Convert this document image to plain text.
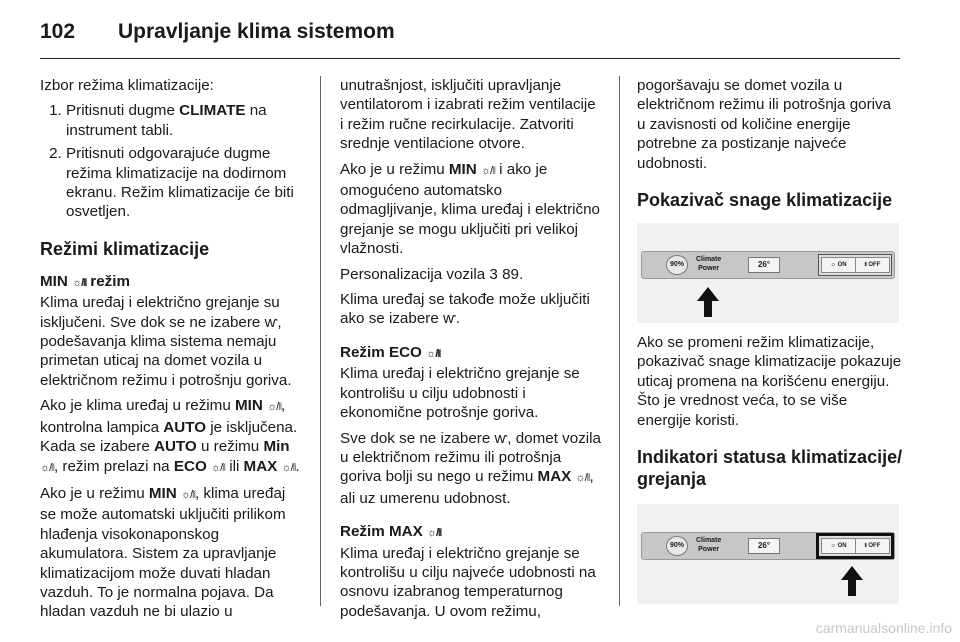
102 Upravljanje klima sistemom

Izbor režima klimatizacije:

1. Pritisnuti dugme CLIMATE na instrument tabli.
2. Pritisnuti odgovarajuće dugme režima klimatizacije na dodirnom ekranu. Režim klimatizacije će biti osvetljen.
Režimi klimatizacije
MIN ☼/⧛ režim

Klima uređaj i električno grejanje su isključeni. Sve dok se ne izabere ⱳ, podešavanja klima sistema nemaju primetan uticaj na domet vozila u električnom režimu i potrošnju goriva.

Ako je klima uređaj u režimu MIN ☼/⧛, kontrolna lampica AUTO je isključena. Kada se izabere AUTO u režimu Min ☼/⧛, režim prelazi na ECO ☼/⧛ ili MAX ☼/⧛.

Ako je u režimu MIN ☼/⧛, klima uređaj se može automatski uključiti prilikom hlađenja visokonaponskog akumulatora. Sistem za upravljanje klimatizacijom može duvati hladan vazduh. To je normalna pojava. Da hladan vazduh ne bi ulazio u

unutrašnjost, isključiti upravljanje ventilatorom i izabrati režim ventilacije i režim ručne recirkulacije. Zatvoriti srednje ventilacione otvore.

Ako je u režimu MIN ☼/⧛ i ako je omogućeno automatsko odmagljivanje, klima uređaj i električno grejanje se mogu uključiti pri velikoj vlažnosti.

Personalizacija vozila 3 89.

Klima uređaj se takođe može uključiti ako se izabere ⱳ.

Režim ECO ☼/⧛

Klima uređaj i električno grejanje se kontrolišu u cilju udobnosti i ekonomične potrošnje goriva.

Sve dok se ne izabere ⱳ, domet vozila u električnom režimu ili potrošnja goriva bolji su nego u režimu MAX ☼/⧛, ali uz umerenu udobnost.

Režim MAX ☼/⧛

Klima uređaj i električno grejanje se kontrolišu u cilju najveće udobnosti na osnovu izabranog temperaturnog podešavanja. U ovom režimu,

pogoršavaju se domet vozila u električnom režimu ili potrošnja goriva u zavisnosti od količine energije potrebne za postizanje najveće udobnosti.

Pokazivač snage klimatizacije
90%
Climate
Power	26°	☼ ON	⧛ OFF

Ako se promeni režim klimatizacije, pokazivač snage klimatizacije pokazuje uticaj promena na korišćenu energiju. Što je vrednost veća, to se više energije koristi.

Indikatori statusa klimatizacije/ grejanja
90%
Climate
Power	26°	☼ ON	⧛ OFF
carmanualsonline.info
